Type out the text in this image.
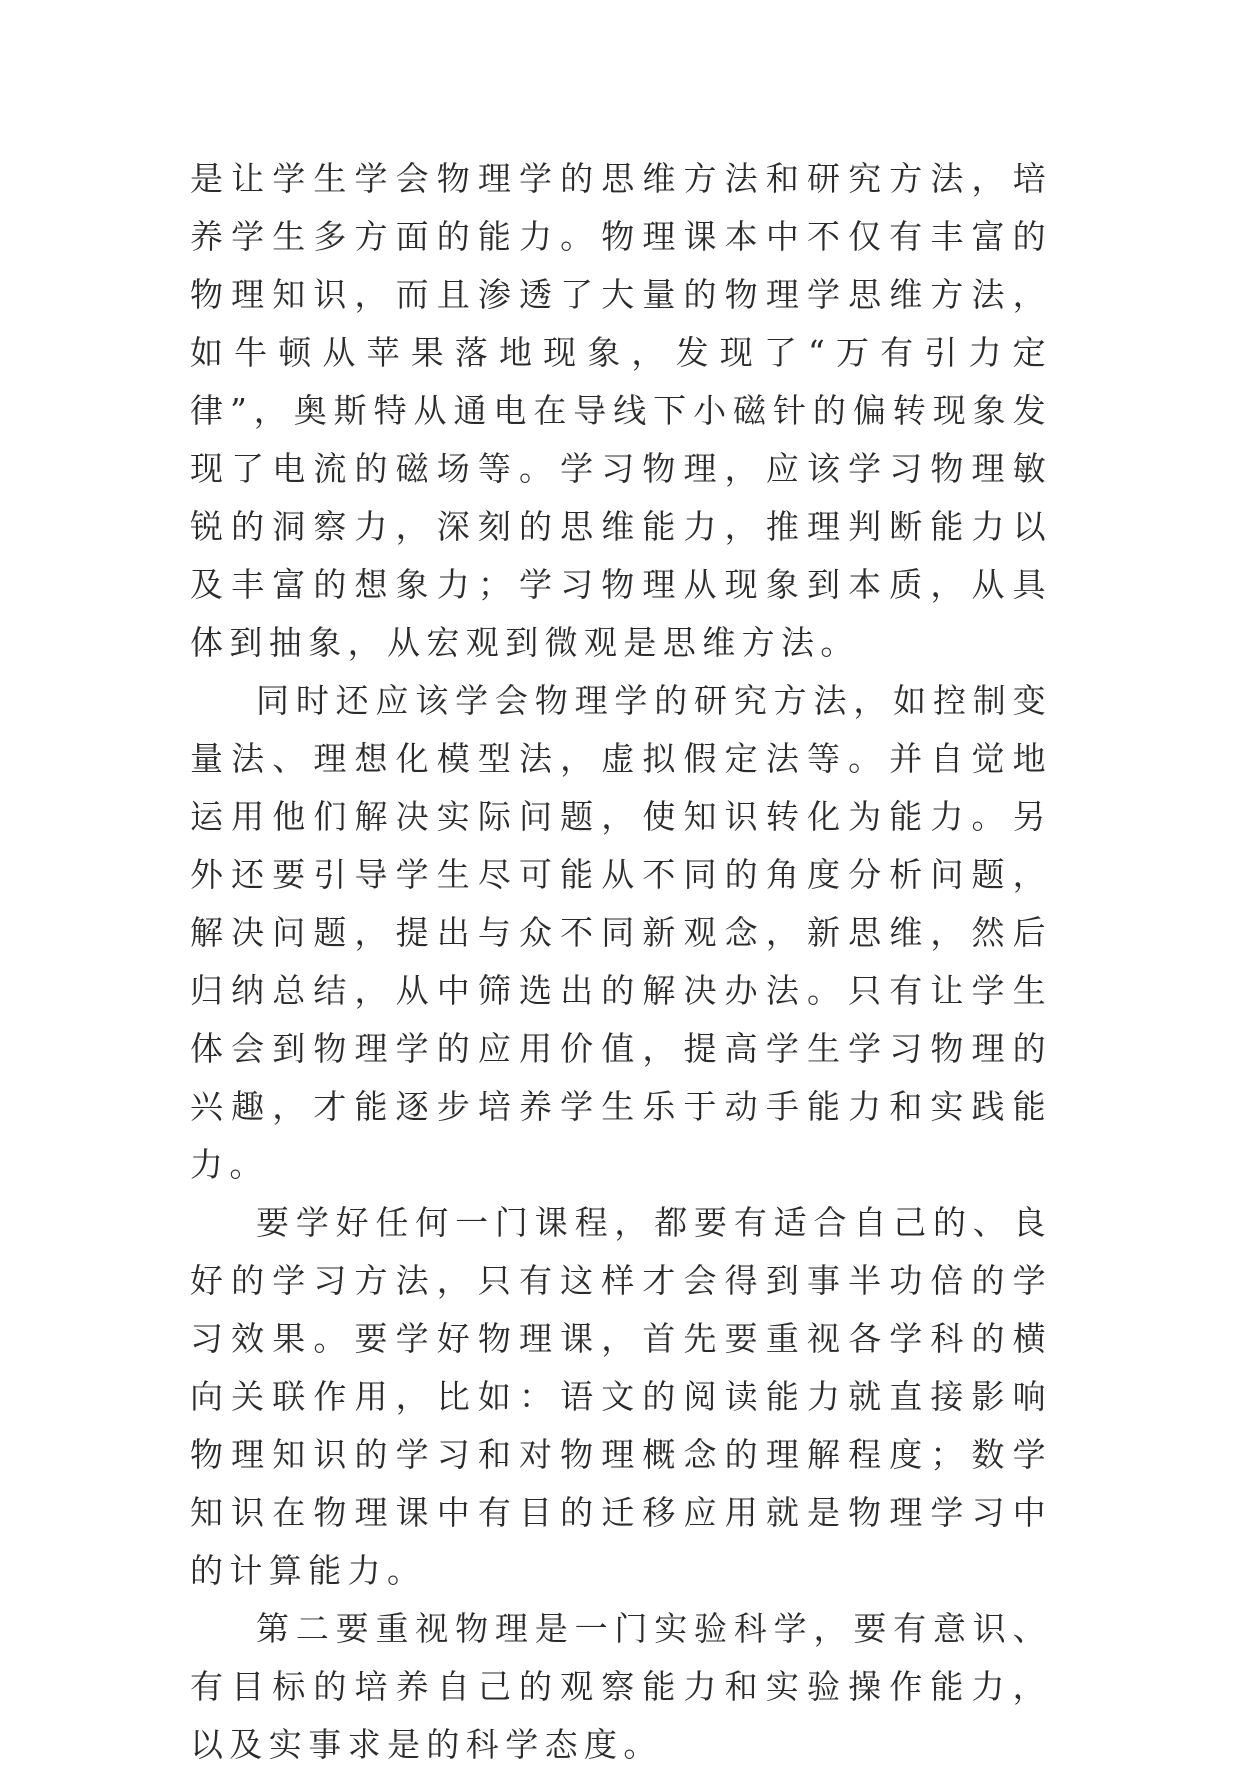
是让学生学会物理学的思维方法和研究方法，培养学生多方面的能力。物理课本中不仅有丰富的物理知识，而且渗透了大量的物理学思维方法，如牛顿从苹果落地现象，发现了“万有引力定律”，奥斯特从通电在导线下小磁针的偏转现象发现了电流的磁场等。学习物理，应该学习物理敏锐的洞察力，深刻的思维能力，推理判断能力以及丰富的想象力；学习物理从现象到本质，从具体到抽象，从宏观到微观是思维方法。

同时还应该学会物理学的研究方法，如控制变量法、理想化模型法，虚拟假定法等。并自觉地运用他们解决实际问题，使知识转化为能力。另外还要引导学生尽可能从不同的角度分析问题，解决问题，提出与众不同新观念，新思维，然后归纳总结，从中筛选出的解决办法。只有让学生体会到物理学的应用价值，提高学生学习物理的兴趣，才能逐步培养学生乐于动手能力和实践能力。

要学好任何一门课程，都要有适合自己的、良好的学习方法，只有这样才会得到事半功倍的学习效果。要学好物理课，首先要重视各学科的横向关联作用，比如：语文的阅读能力就直接影响物理知识的学习和对物理概念的理解程度；数学知识在物理课中有目的迁移应用就是物理学习中的计算能力。

第二要重视物理是一门实验科学，要有意识、有目标的培养自己的观察能力和实验操作能力，以及实事求是的科学态度。
